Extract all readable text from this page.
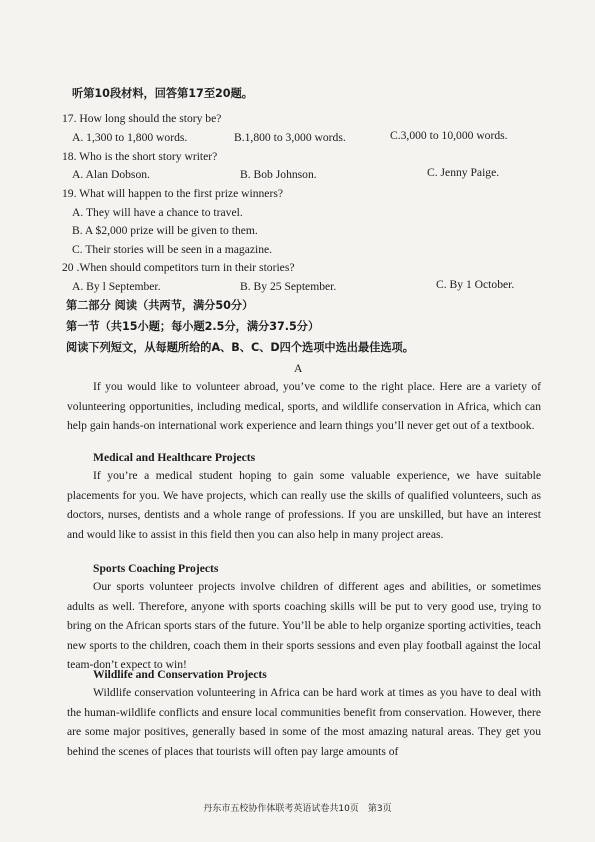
听第10段材料，回答第17至20题。
17. How long should the story be?
A. 1,300 to 1,800 words.	B.1,800 to 3,000 words.	C.3,000 to 10,000 words.
18. Who is the short story writer?
A. Alan Dobson.	B. Bob Johnson.	C. Jenny Paige.
19. What will happen to the first prize winners?
A. They will have a chance to travel.
B. A $2,000 prize will be given to them.
C. Their stories will be seen in a magazine.
20 .When should competitors turn in their stories?
A. By l September.	B. By 25 September.	C. By 1 October.
第二部分 阅读（共两节，满分50分）
第一节（共15小题；每小题2.5分，满分37.5分）
阅读下列短文，从每题所给的A、B、C、D四个选项中选出最佳选项。
A

If you would like to volunteer abroad, you’ve come to the right place. Here are a variety of volunteering opportunities, including medical, sports, and wildlife conservation in Africa, which can help gain hands-on international work experience and learn things you’ll never get out of a textbook.

Medical and Healthcare Projects

If you’re a medical student hoping to gain some valuable experience, we have suitable placements for you. We have projects, which can really use the skills of qualified volunteers, such as doctors, nurses, dentists and a whole range of professions. If you are unskilled, but have an interest and would like to assist in this field then you can also help in many project areas.

Sports Coaching Projects

Our sports volunteer projects involve children of different ages and abilities, or sometimes adults as well. Therefore, anyone with sports coaching skills will be put to very good use, trying to bring on the African sports stars of the future. You’ll be able to help organize sporting activities, teach new sports to the children, coach them in their sports sessions and even play football against the local team-don’t expect to win!

Wildlife and Conservation Projects

Wildlife conservation volunteering in Africa can be hard work at times as you have to deal with the human-wildlife conflicts and ensure local communities benefit from conservation. However, there are some major positives, generally based in some of the most amazing natural areas. They get you behind the scenes of places that tourists will often pay large amounts of

丹东市五校协作体联考英语试卷共10页　第3页
